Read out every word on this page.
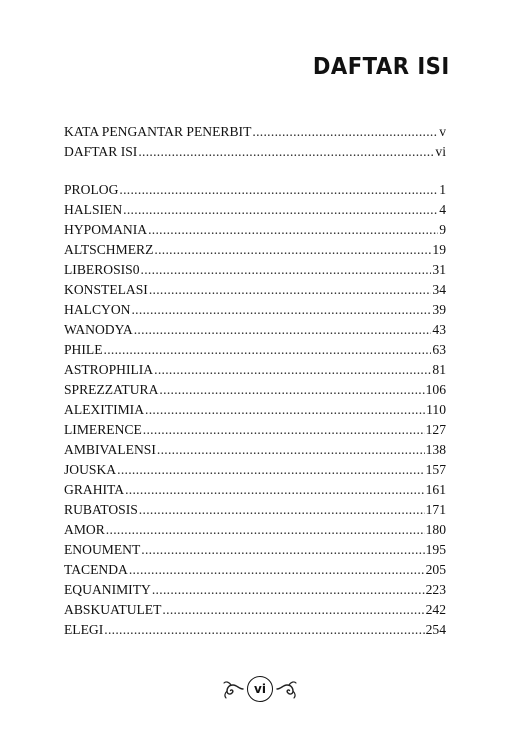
DAFTAR ISI
KATA PENGANTAR PENERBIT .....	v
DAFTAR ISI .....	vi
PROLOG .....	1
HALSIEN .....	4
HYPOMANIA .....	9
ALTSCHMERZ .....	19
LIBEROSIS0 .....	31
KONSTELASI .....	34
HALCYON .....	39
WANODYA .....	43
PHILE .....	63
ASTROPHILIA .....	81
SPREZZATURA .....	106
ALEXITIMIA .....	110
LIMERENCE .....	127
AMBIVALENSI .....	138
JOUSKA .....	157
GRAHITA .....	161
RUBATOSIS .....	171
AMOR .....	180
ENOUMENT .....	195
TACENDA .....	205
EQUANIMITY .....	223
ABSKUATULET .....	242
ELEGI .....	254
vi
